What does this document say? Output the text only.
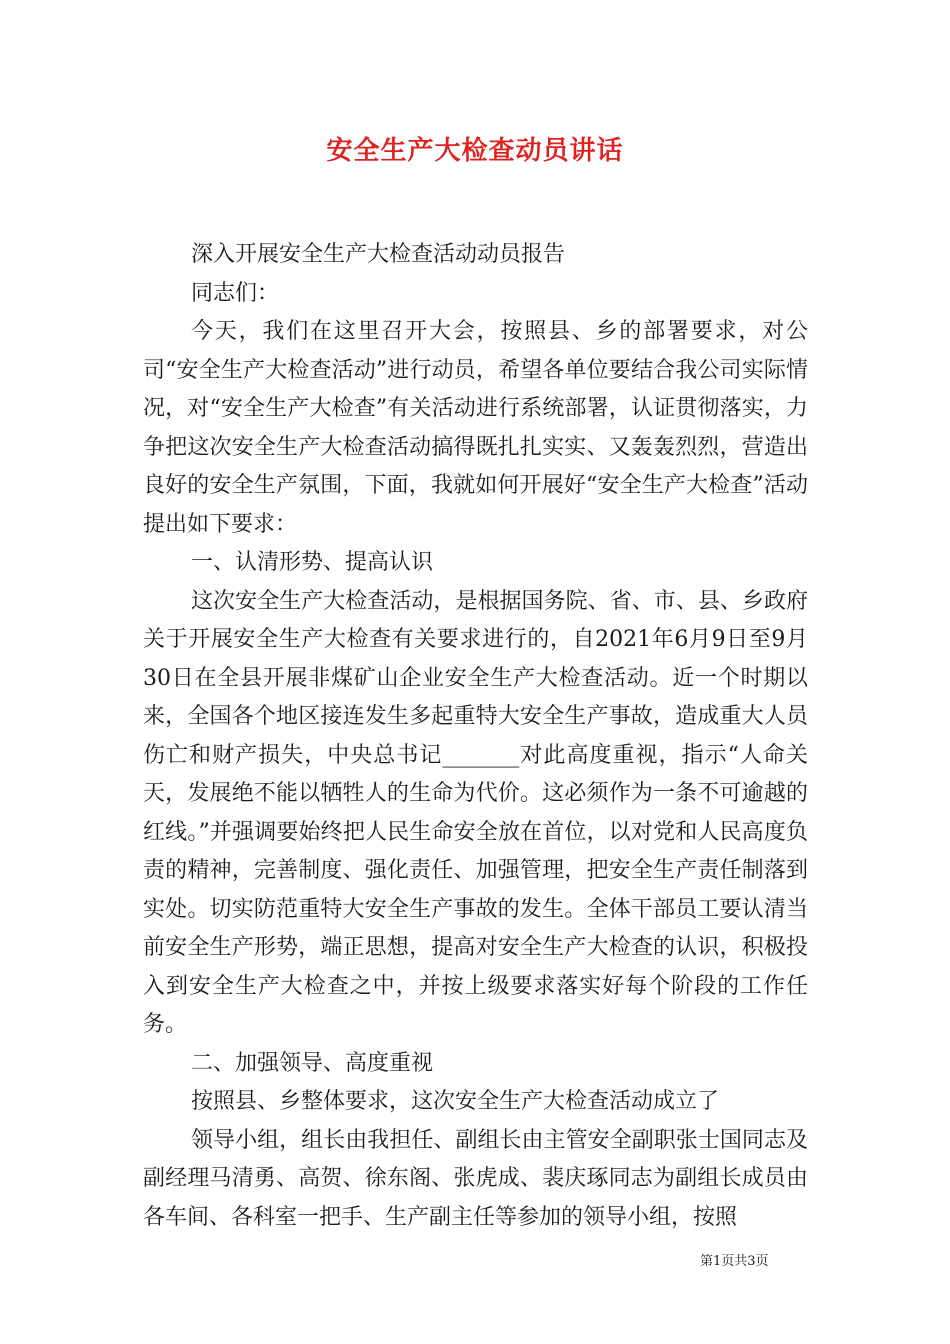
安全生产大检查动员讲话

深入开展安全生产大检查活动动员报告

同志们：

今天，我们在这里召开大会，按照县、乡的部署要求，对公司“安全生产大检查活动”进行动员，希望各单位要结合我公司实际情况，对“安全生产大检查”有关活动进行系统部署，认证贯彻落实，力争把这次安全生产大检查活动搞得既扎扎实实、又轰轰烈烈，营造出良好的安全生产氛围，下面，我就如何开展好“安全生产大检查”活动提出如下要求：

一、认清形势、提高认识

这次安全生产大检查活动，是根据国务院、省、市、县、乡政府关于开展安全生产大检查有关要求进行的，自2021年6月9日至9月30日在全县开展非煤矿山企业安全生产大检查活动。近一个时期以来，全国各个地区接连发生多起重特大安全生产事故，造成重大人员伤亡和财产损失，中央总书记_______对此高度重视，指示“人命关天，发展绝不能以牺牲人的生命为代价。这必须作为一条不可逾越的红线。”并强调要始终把人民生命安全放在首位，以对党和人民高度负责的精神，完善制度、强化责任、加强管理，把安全生产责任制落到实处。切实防范重特大安全生产事故的发生。全体干部员工要认清当前安全生产形势，端正思想，提高对安全生产大检查的认识，积极投入到安全生产大检查之中，并按上级要求落实好每个阶段的工作任务。

二、加强领导、高度重视

按照县、乡整体要求，这次安全生产大检查活动成立了

领导小组，组长由我担任、副组长由主管安全副职张士国同志及副经理马清勇、高贺、徐东阁、张虎成、裴庆琢同志为副组长成员由各车间、各科室一把手、生产副主任等参加的领导小组，按照

第1页共3页
